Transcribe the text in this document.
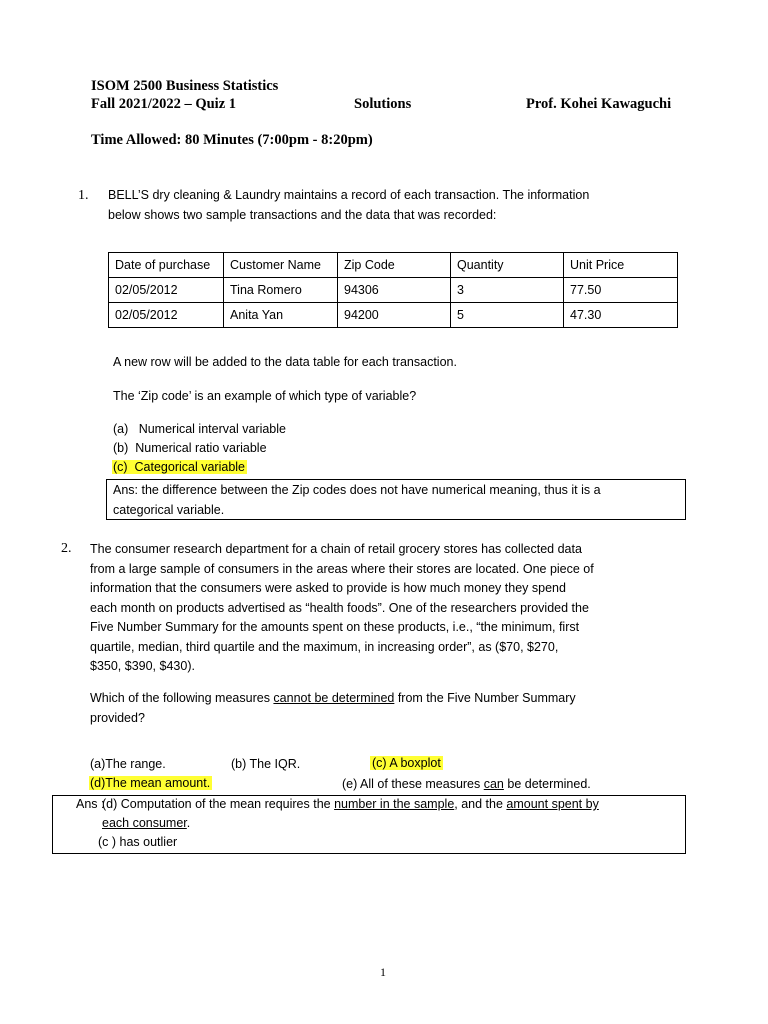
ISOM 2500 Business Statistics
Fall 2021/2022 – Quiz 1	Solutions	Prof. Kohei Kawaguchi
Time Allowed: 80 Minutes (7:00pm - 8:20pm)
1. BELL’S dry cleaning & Laundry maintains a record of each transaction. The information
below shows two sample transactions and the data that was recorded:
Date of purchase	Customer Name	Zip Code	Quantity	Unit Price
02/05/2012	Tina Romero	94306	3	77.50
02/05/2012	Anita Yan	94200	5	47.30
A new row will be added to the data table for each transaction.
The ‘Zip code’ is an example of which type of variable?
(a)   Numerical interval variable
(b)  Numerical ratio variable
(c)  Categorical variable
Ans: the difference between the Zip codes does not have numerical meaning, thus it is a
categorical variable.
2. The consumer research department for a chain of retail grocery stores has collected data
from a large sample of consumers in the areas where their stores are located. One piece of
information that the consumers were asked to provide is how much money they spend
each month on products advertised as “health foods”. One of the researchers provided the
Five Number Summary for the amounts spent on these products, i.e., “the minimum, first
quartile, median, third quartile and the maximum, in increasing order”, as ($70, $270,
$350, $390, $430).
Which of the following measures cannot be determined from the Five Number Summary
provided?
(a)The range.	(b) The IQR.	(c) A boxplot
(d)The mean amount.	(e) All of these measures can be determined.
Ans :
(d) Computation of the mean requires the number in the sample, and the amount spent by
each consumer.
(c ) has outlier
1
